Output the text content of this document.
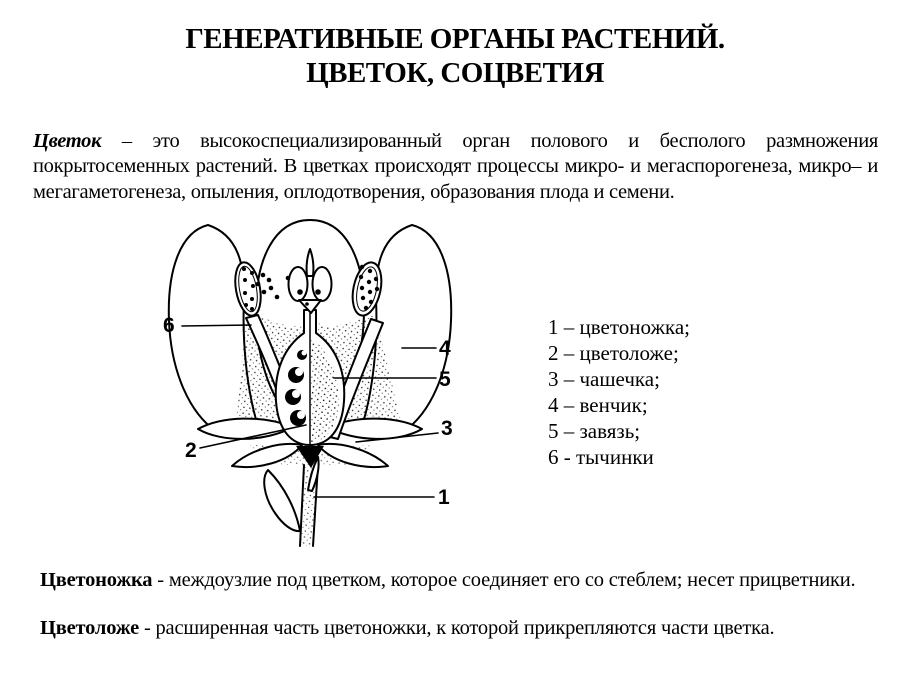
ГЕНЕРАТИВНЫЕ ОРГАНЫ РАСТЕНИЙ.
ЦВЕТОК, СОЦВЕТИЯ

Цветок – это высокоспециализированный орган полового и бесполого размножения покрытосеменных растений. В цветках происходят процессы микро- и мегаспорогенеза, микро– и мегагаметогенеза, опыления, оплодотворения, образования плода и семени.

6
2
4
5
3
1
1 – цветоножка;
2 – цветоложе;
3 – чашечка;
4 – венчик;
5 – завязь;
6 - тычинки

Цветоножка - междоузлие под цветком, которое соединяет его со стеблем; несет прицветники.

Цветоложе - расширенная часть цветоножки, к которой прикрепляются части цветка.
